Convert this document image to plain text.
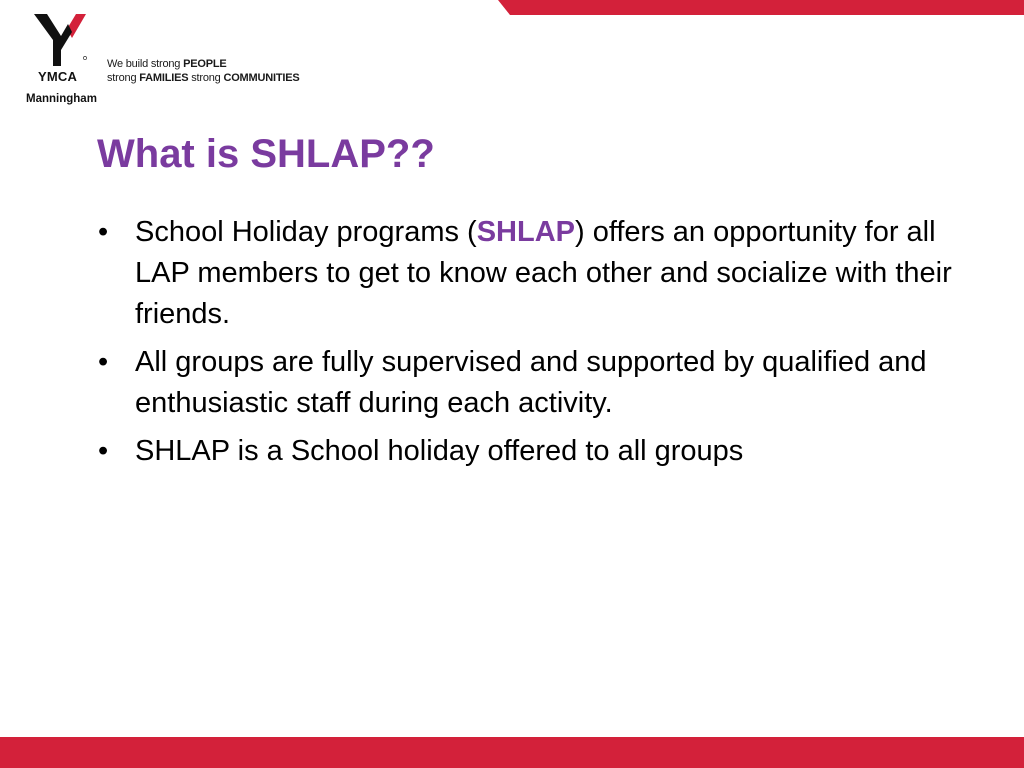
YMCA
Manningham
We build strong PEOPLE
strong FAMILIES strong COMMUNITIES
What is SHLAP??
• School Holiday programs (SHLAP) offers an opportunity for all LAP members to get to know each other and socialize with their friends.
• All groups are fully supervised and supported by qualified and enthusiastic staff during each activity.
• SHLAP is a School holiday offered to all groups
